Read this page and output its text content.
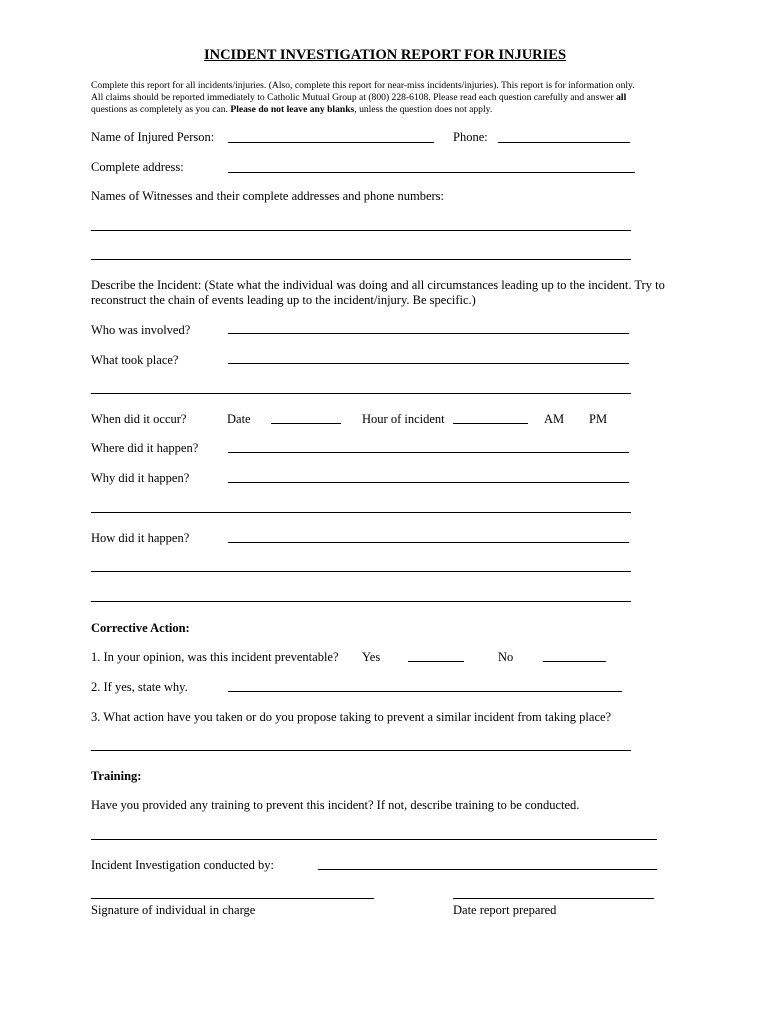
INCIDENT INVESTIGATION REPORT FOR INJURIES
Complete this report for all incidents/injuries. (Also, complete this report for near-miss incidents/injuries). This report is for information only.
All claims should be reported immediately to Catholic Mutual Group at (800) 228-6108. Please read each question carefully and answer all
questions as completely as you can. Please do not leave any blanks, unless the question does not apply.
Name of Injured Person:	Phone:
Complete address:
Names of Witnesses and their complete addresses and phone numbers:
Describe the Incident: (State what the individual was doing and all circumstances leading up to the incident. Try to
reconstruct the chain of events leading up to the incident/injury. Be specific.)
Who was involved?
What took place?
When did it occur?	Date	Hour of incident	AM PM
Where did it happen?
Why did it happen?
How did it happen?
Corrective Action:
1. In your opinion, was this incident preventable? Yes	No
2. If yes, state why.
3. What action have you taken or do you propose taking to prevent a similar incident from taking place?
Training:
Have you provided any training to prevent this incident? If not, describe training to be conducted.
Incident Investigation conducted by:
Signature of individual in charge	Date report prepared
